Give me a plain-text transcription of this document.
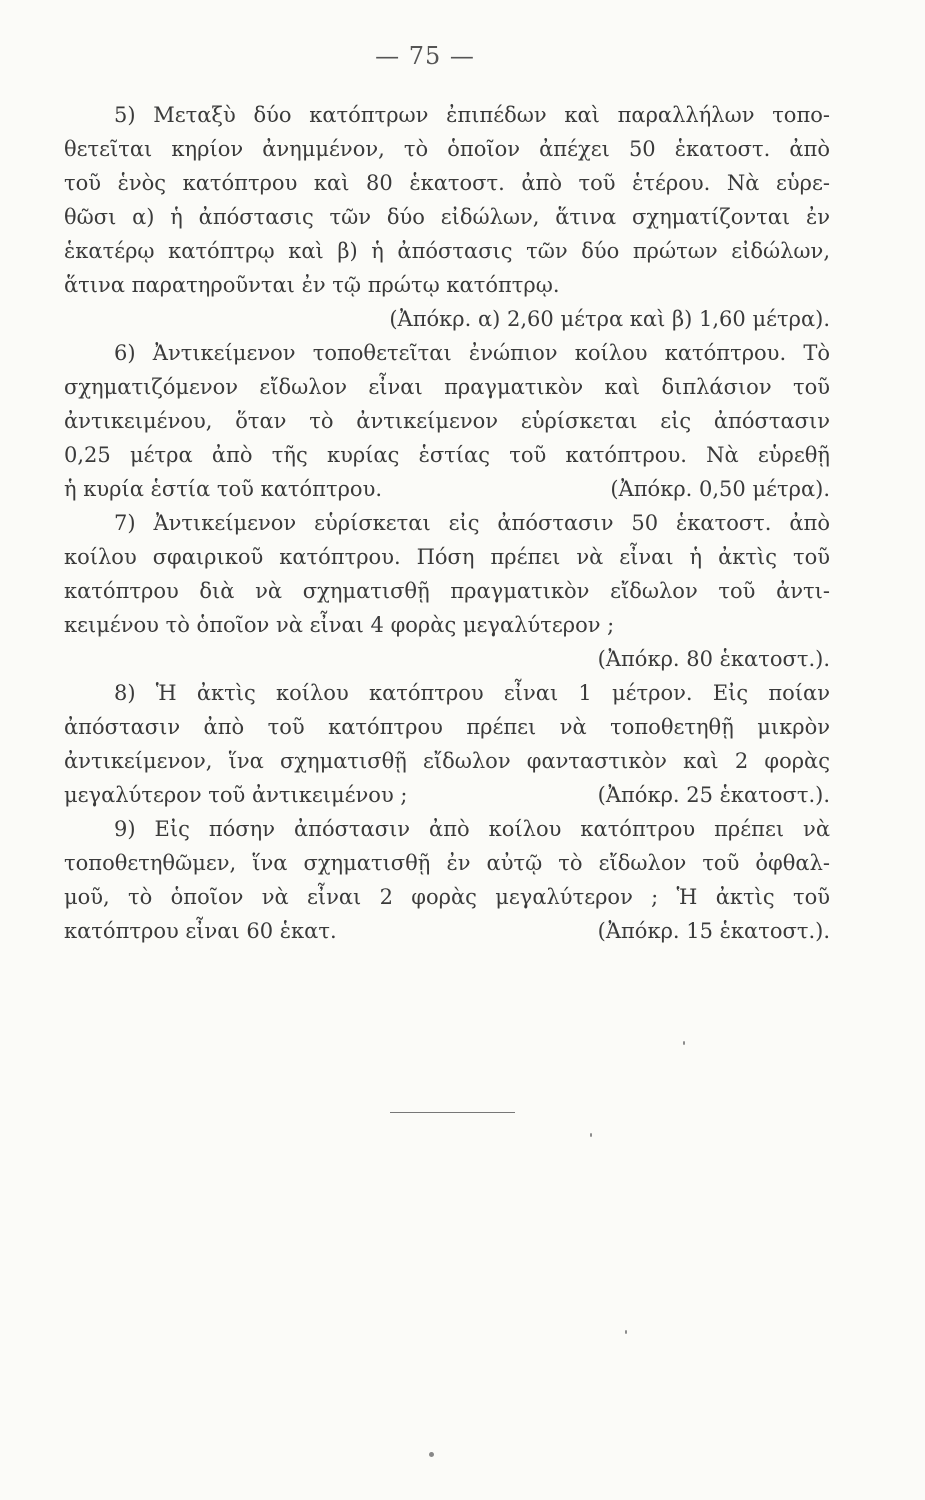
— 75 —
5) Μεταξὺ δύο κατόπτρων ἐπιπέδων καὶ παραλλήλων τοπο-
θετεῖται κηρίον ἀνημμένον, τὸ ὁποῖον ἀπέχει 50 ἑκατοστ. ἀπὸ
τοῦ ἑνὸς κατόπτρου καὶ 80 ἑκατοστ. ἀπὸ τοῦ ἑτέρου. Νὰ εὑρε-
θῶσι α) ἡ ἀπόστασις τῶν δύο εἰδώλων, ἅτινα σχηματίζονται ἐν
ἑκατέρῳ κατόπτρῳ καὶ β) ἡ ἀπόστασις τῶν δύο πρώτων εἰδώλων,
ἅτινα παρατηροῦνται ἐν τῷ πρώτῳ κατόπτρῳ.
(Ἀπόκρ. α) 2,60 μέτρα καὶ β) 1,60 μέτρα).
6) Ἀντικείμενον τοποθετεῖται ἐνώπιον κοίλου κατόπτρου. Τὸ
σχηματιζόμενον εἴδωλον εἶναι πραγματικὸν καὶ διπλάσιον τοῦ
ἀντικειμένου, ὅταν τὸ ἀντικείμενον εὑρίσκεται εἰς ἀπόστασιν
0,25 μέτρα ἀπὸ τῆς κυρίας ἑστίας τοῦ κατόπτρου. Νὰ εὑρεθῇ
ἡ κυρία ἑστία τοῦ κατόπτρου.	(Ἀπόκρ. 0,50 μέτρα).
7) Ἀντικείμενον εὑρίσκεται εἰς ἀπόστασιν 50 ἑκατοστ. ἀπὸ
κοίλου σφαιρικοῦ κατόπτρου. Πόση πρέπει νὰ εἶναι ἡ ἀκτὶς τοῦ
κατόπτρου διὰ νὰ σχηματισθῇ πραγματικὸν εἴδωλον τοῦ ἀντι-
κειμένου τὸ ὁποῖον νὰ εἶναι 4 φορὰς μεγαλύτερον ;
(Ἀπόκρ. 80 ἑκατοστ.).
8) Ἡ ἀκτὶς κοίλου κατόπτρου εἶναι 1 μέτρον. Εἰς ποίαν
ἀπόστασιν ἀπὸ τοῦ κατόπτρου πρέπει νὰ τοποθετηθῇ μικρὸν
ἀντικείμενον, ἵνα σχηματισθῇ εἴδωλον φανταστικὸν καὶ 2 φορὰς
μεγαλύτερον τοῦ ἀντικειμένου ;	(Ἀπόκρ. 25 ἑκατοστ.).
9) Εἰς πόσην ἀπόστασιν ἀπὸ κοίλου κατόπτρου πρέπει νὰ
τοποθετηθῶμεν, ἵνα σχηματισθῇ ἐν αὐτῷ τὸ εἴδωλον τοῦ ὀφθαλ-
μοῦ, τὸ ὁποῖον νὰ εἶναι 2 φορὰς μεγαλύτερον ; Ἡ ἀκτὶς τοῦ
κατόπτρου εἶναι 60 ἑκατ.	(Ἀπόκρ. 15 ἑκατοστ.).
